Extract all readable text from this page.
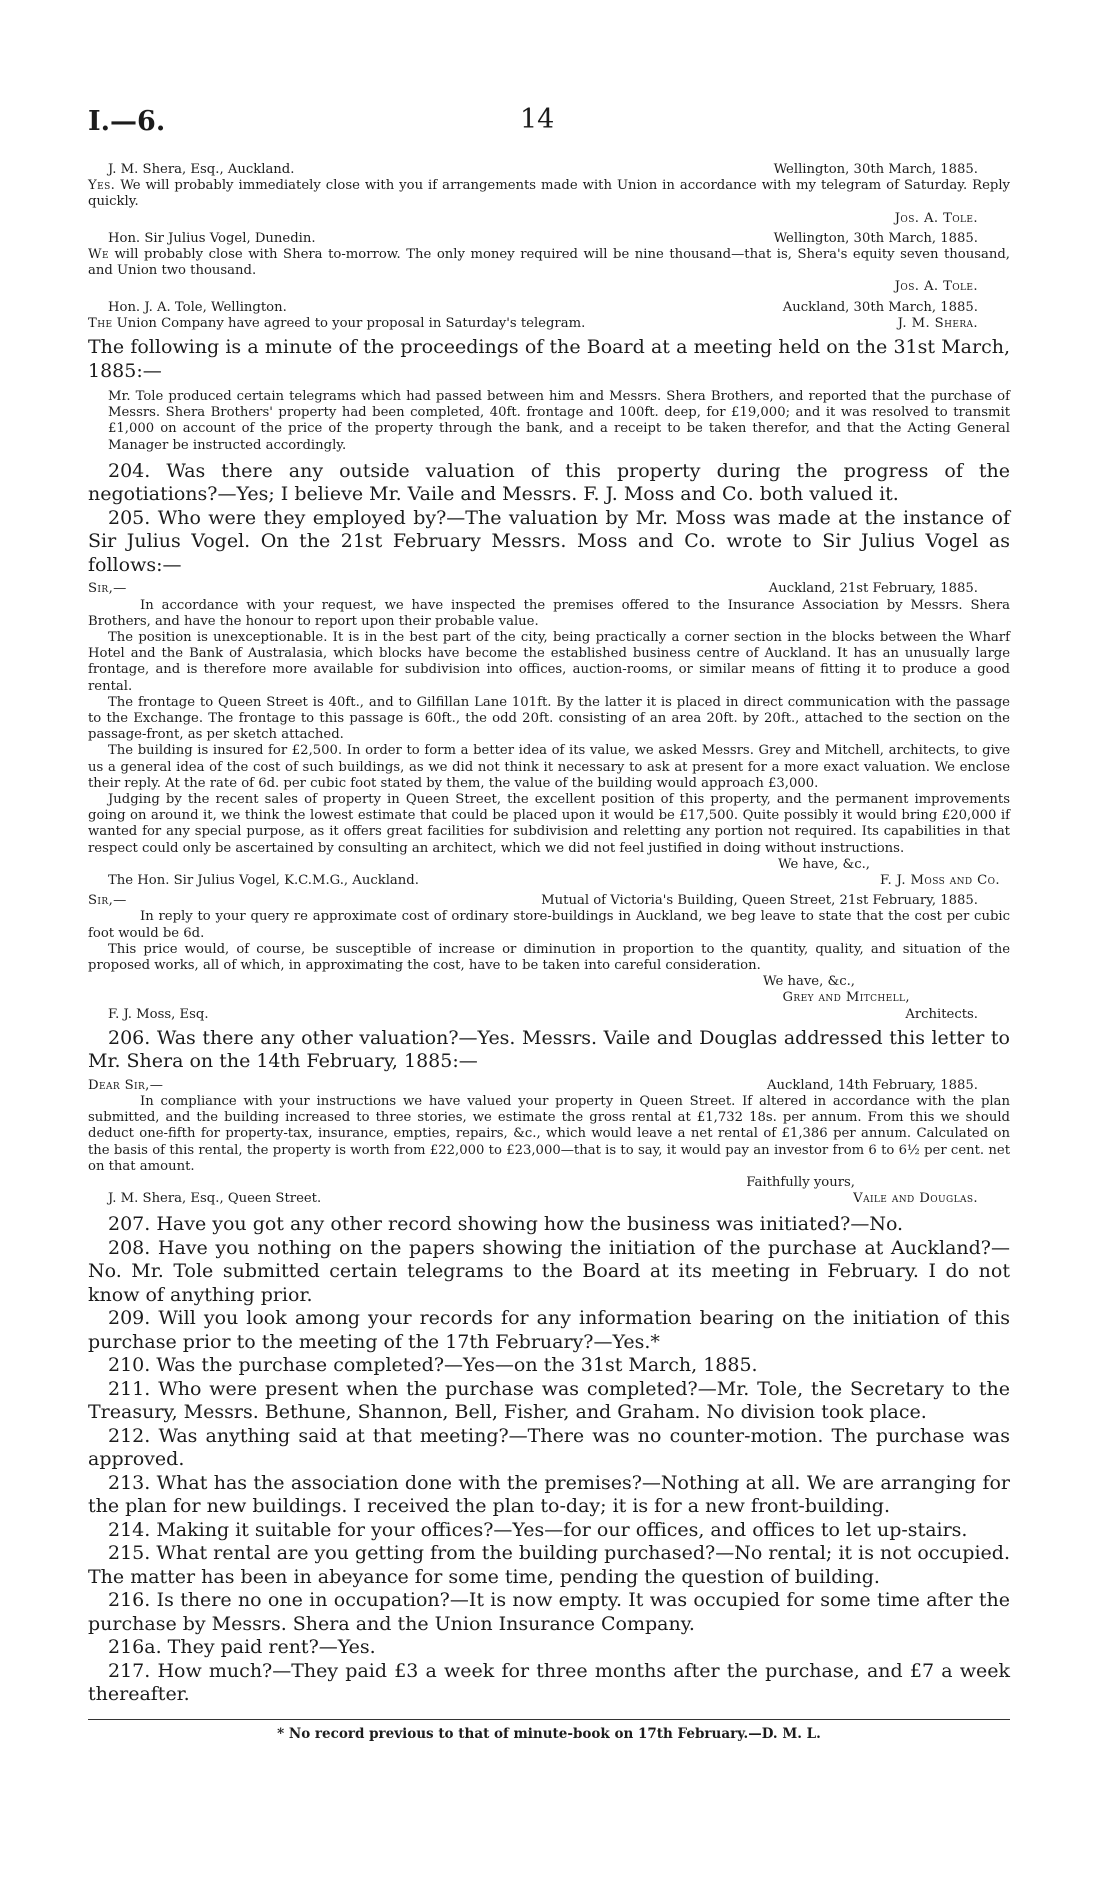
I.—6.	14
J. M. Shera, Esq., Auckland.	Wellington, 30th March, 1885.

Yes. We will probably immediately close with you if arrangements made with Union in accordance with my telegram of Saturday. Reply quickly.

Jos. A. Tole.
Hon. Sir Julius Vogel, Dunedin.	Wellington, 30th March, 1885.

We will probably close with Shera to-morrow. The only money required will be nine thousand—that is, Shera's equity seven thousand, and Union two thousand.

Jos. A. Tole.
Hon. J. A. Tole, Wellington.	Auckland, 30th March, 1885.

The Union Company have agreed to your proposal in Saturday's telegram.	J. M. Shera.

The following is a minute of the proceedings of the Board at a meeting held on the 31st March, 1885:—

Mr. Tole produced certain telegrams which had passed between him and Messrs. Shera Brothers, and reported that the purchase of Messrs. Shera Brothers' property had been completed, 40ft. frontage and 100ft. deep, for £19,000; and it was resolved to transmit £1,000 on account of the price of the property through the bank, and a receipt to be taken therefor, and that the Acting General Manager be instructed accordingly.

204. Was there any outside valuation of this property during the progress of the negotiations?—Yes; I believe Mr. Vaile and Messrs. F. J. Moss and Co. both valued it.

205. Who were they employed by?—The valuation by Mr. Moss was made at the instance of Sir Julius Vogel. On the 21st February Messrs. Moss and Co. wrote to Sir Julius Vogel as follows:—

Sir,—	Auckland, 21st February, 1885.

In accordance with your request, we have inspected the premises offered to the Insurance Association by Messrs. Shera Brothers, and have the honour to report upon their probable value.

The position is unexceptionable. It is in the best part of the city, being practically a corner section in the blocks between the Wharf Hotel and the Bank of Australasia, which blocks have become the established business centre of Auckland. It has an unusually large frontage, and is therefore more available for subdivision into offices, auction-rooms, or similar means of fitting it to produce a good rental.

The frontage to Queen Street is 40ft., and to Gilfillan Lane 101ft. By the latter it is placed in direct communication with the passage to the Exchange. The frontage to this passage is 60ft., the odd 20ft. consisting of an area 20ft. by 20ft., attached to the section on the passage-front, as per sketch attached.

The building is insured for £2,500. In order to form a better idea of its value, we asked Messrs. Grey and Mitchell, architects, to give us a general idea of the cost of such buildings, as we did not think it necessary to ask at present for a more exact valuation. We enclose their reply. At the rate of 6d. per cubic foot stated by them, the value of the building would approach £3,000.

Judging by the recent sales of property in Queen Street, the excellent position of this property, and the permanent improvements going on around it, we think the lowest estimate that could be placed upon it would be £17,500. Quite possibly it would bring £20,000 if wanted for any special purpose, as it offers great facilities for subdivision and reletting any portion not required. Its capabilities in that respect could only be ascertained by consulting an architect, which we did not feel justified in doing without instructions.

We have, &c.,
The Hon. Sir Julius Vogel, K.C.M.G., Auckland.	F. J. Moss and Co.
Sir,—	Mutual of Victoria's Building, Queen Street, 21st February, 1885.

In reply to your query re approximate cost of ordinary store-buildings in Auckland, we beg leave to state that the cost per cubic foot would be 6d.

This price would, of course, be susceptible of increase or diminution in proportion to the quantity, quality, and situation of the proposed works, all of which, in approximating the cost, have to be taken into careful consideration.

We have, &c.,
Grey and Mitchell,
F. J. Moss, Esq.	Architects.

206. Was there any other valuation?—Yes. Messrs. Vaile and Douglas addressed this letter to Mr. Shera on the 14th February, 1885:—

Dear Sir,—	Auckland, 14th February, 1885.

In compliance with your instructions we have valued your property in Queen Street. If altered in accordance with the plan submitted, and the building increased to three stories, we estimate the gross rental at £1,732 18s. per annum. From this we should deduct one-fifth for property-tax, insurance, empties, repairs, &c., which would leave a net rental of £1,386 per annum. Calculated on the basis of this rental, the property is worth from £22,000 to £23,000—that is to say, it would pay an investor from 6 to 6½ per cent. net on that amount.

Faithfully yours,
J. M. Shera, Esq., Queen Street.	Vaile and Douglas.

207. Have you got any other record showing how the business was initiated?—No.

208. Have you nothing on the papers showing the initiation of the purchase at Auckland?—No. Mr. Tole submitted certain telegrams to the Board at its meeting in February. I do not know of anything prior.

209. Will you look among your records for any information bearing on the initiation of this purchase prior to the meeting of the 17th February?—Yes.*

210. Was the purchase completed?—Yes—on the 31st March, 1885.

211. Who were present when the purchase was completed?—Mr. Tole, the Secretary to the Treasury, Messrs. Bethune, Shannon, Bell, Fisher, and Graham. No division took place.

212. Was anything said at that meeting?—There was no counter-motion. The purchase was approved.

213. What has the association done with the premises?—Nothing at all. We are arranging for the plan for new buildings. I received the plan to-day; it is for a new front-building.

214. Making it suitable for your offices?—Yes—for our offices, and offices to let up-stairs.

215. What rental are you getting from the building purchased?—No rental; it is not occupied. The matter has been in abeyance for some time, pending the question of building.

216. Is there no one in occupation?—It is now empty. It was occupied for some time after the purchase by Messrs. Shera and the Union Insurance Company.

216a. They paid rent?—Yes.

217. How much?—They paid £3 a week for three months after the purchase, and £7 a week thereafter.

* No record previous to that of minute-book on 17th February.—D. M. L.
